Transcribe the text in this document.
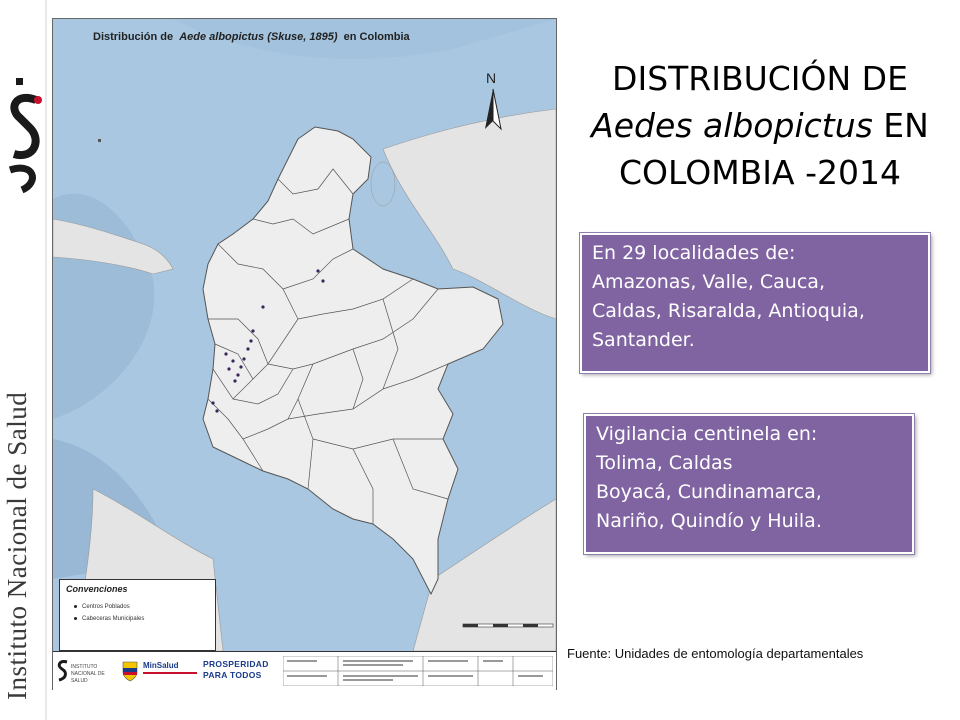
Instituto Nacional de Salud
N
Distribución de Aede albopictus (Skuse, 1895) en Colombia
Convenciones
Centros Poblados
Cabeceras Municipales
INSTITUTO NACIONAL DE SALUD
MinSalud	PROSPERIDAD
PARA TODOS
DISTRIBUCIÓN DE
Aedes albopictus EN
COLOMBIA -2014
En 29 localidades de:
Amazonas, Valle, Cauca,
Caldas, Risaralda, Antioquia,
Santander.
Vigilancia centinela en:
Tolima, Caldas
Boyacá, Cundinamarca,
Nariño, Quindío y Huila.
Fuente: Unidades de entomología departamentales
